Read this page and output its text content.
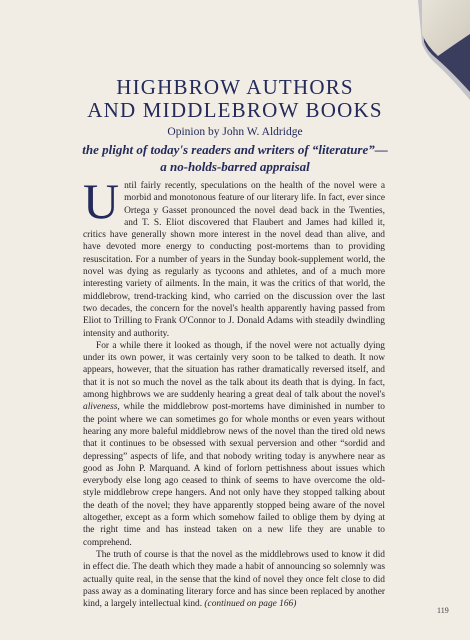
HIGHBROW AUTHORS
AND MIDDLEBROW BOOKS
Opinion by John W. Aldridge
the plight of today's readers and writers of “literature”—
a no-holds-barred appraisal

Until fairly recently, speculations on the health of the novel were a morbid and monotonous feature of our literary life. In fact, ever since Ortega y Gasset pronounced the novel dead back in the Twenties, and T. S. Eliot discovered that Flaubert and James had killed it, critics have generally shown more interest in the novel dead than alive, and have devoted more energy to conducting post-mortems than to providing resuscitation. For a number of years in the Sunday book-supplement world, the novel was dying as regularly as tycoons and athletes, and of a much more interesting variety of ailments. In the main, it was the critics of that world, the middlebrow, trend-tracking kind, who carried on the discussion over the last two decades, the concern for the novel's health apparently having passed from Eliot to Trilling to Frank O'Connor to J. Donald Adams with steadily dwindling intensity and authority.

For a while there it looked as though, if the novel were not actually dying under its own power, it was certainly very soon to be talked to death. It now appears, however, that the situation has rather dramatically reversed itself, and that it is not so much the novel as the talk about its death that is dying. In fact, among highbrows we are suddenly hearing a great deal of talk about the novel's aliveness, while the middlebrow post-mortems have diminished in number to the point where we can sometimes go for whole months or even years without hearing any more baleful middlebrow news of the novel than the tired old news that it continues to be obsessed with sexual perversion and other “sordid and depressing” aspects of life, and that nobody writing today is anywhere near as good as John P. Marquand. A kind of forlorn pettishness about issues which everybody else long ago ceased to think of seems to have overcome the old-style middlebrow crepe hangers. And not only have they stopped talking about the death of the novel; they have apparently stopped being aware of the novel altogether, except as a form which somehow failed to oblige them by dying at the right time and has instead taken on a new life they are unable to comprehend.

The truth of course is that the novel as the middlebrows used to know it did in effect die. The death which they made a habit of announcing so solemnly was actually quite real, in the sense that the kind of novel they once felt close to did pass away as a dominating literary force and has since been replaced by another kind, a largely intellectual kind. (continued on page 166)

119
